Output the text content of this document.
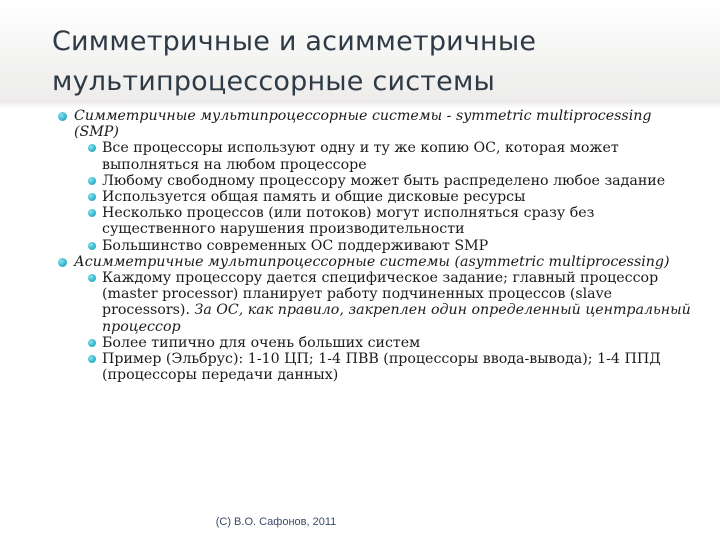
Симметричные и асимметричные
мультипроцессорные системы
Симметричные мультипроцессорные системы - symmetric multiprocessing (SMP)
Все процессоры используют одну и ту же копию ОС, которая может выполняться на любом процессоре
Любому свободному процессору может быть распределено любое задание
Используется общая память и общие дисковые ресурсы
Несколько процессов (или потоков) могут исполняться сразу без существенного нарушения производительности
Большинство современных ОС поддерживают SMP
Асимметричные мультипроцессорные системы (asymmetric multiprocessing)
Каждому процессору дается специфическое задание; главный процессор (master processor) планирует работу подчиненных процессов (slave processors). За ОС, как правило, закреплен один определенный центральный процессор
Более типично для очень больших систем
Пример (Эльбрус): 1-10 ЦП; 1-4 ПВВ (процессоры ввода-вывода); 1-4 ППД (процессоры передачи данных)
(C) В.О. Сафонов, 2011
